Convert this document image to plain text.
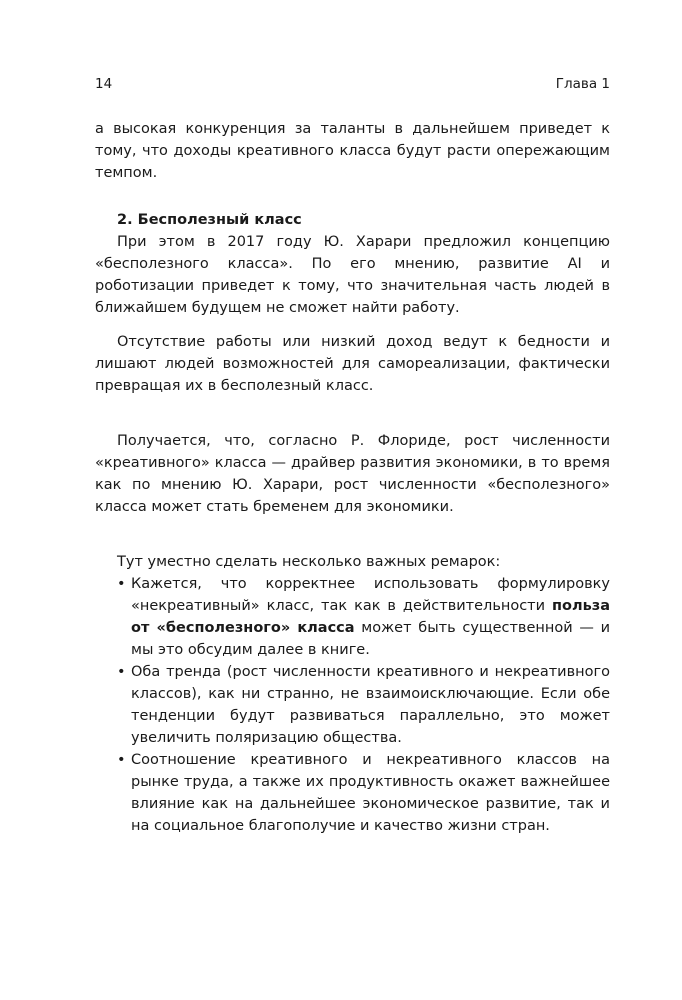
14	Глава 1

а высокая конкуренция за таланты в дальнейшем приведет к тому, что доходы креативного класса будут расти опережающим темпом.

2. Бесполезный класс

При этом в 2017 году Ю. Харари предложил концепцию «бесполезного класса». По его мнению, развитие AI и роботизации приведет к тому, что значительная часть людей в ближайшем будущем не сможет найти работу.

Отсутствие работы или низкий доход ведут к бедности и лишают людей возможностей для самореализации, фактически превращая их в бесполезный класс.

Получается, что, согласно Р. Флориде, рост численности «креативного» класса — драйвер развития экономики, в то время как по мнению Ю. Харари, рост численности «бесполезного» класса может стать бременем для экономики.

Тут уместно сделать несколько важных ремарок:

• Кажется, что корректнее использовать формулировку «некреативный» класс, так как в действительности польза от «бесполезного» класса может быть существенной — и мы это обсудим далее в книге.
• Оба тренда (рост численности креативного и некреативного классов), как ни странно, не взаимоисключающие. Если обе тенденции будут развиваться параллельно, это может увеличить поляризацию общества.
• Соотношение креативного и некреативного классов на рынке труда, а также их продуктивность окажет важнейшее влияние как на дальнейшее экономическое развитие, так и на социальное благополучие и качество жизни стран.
